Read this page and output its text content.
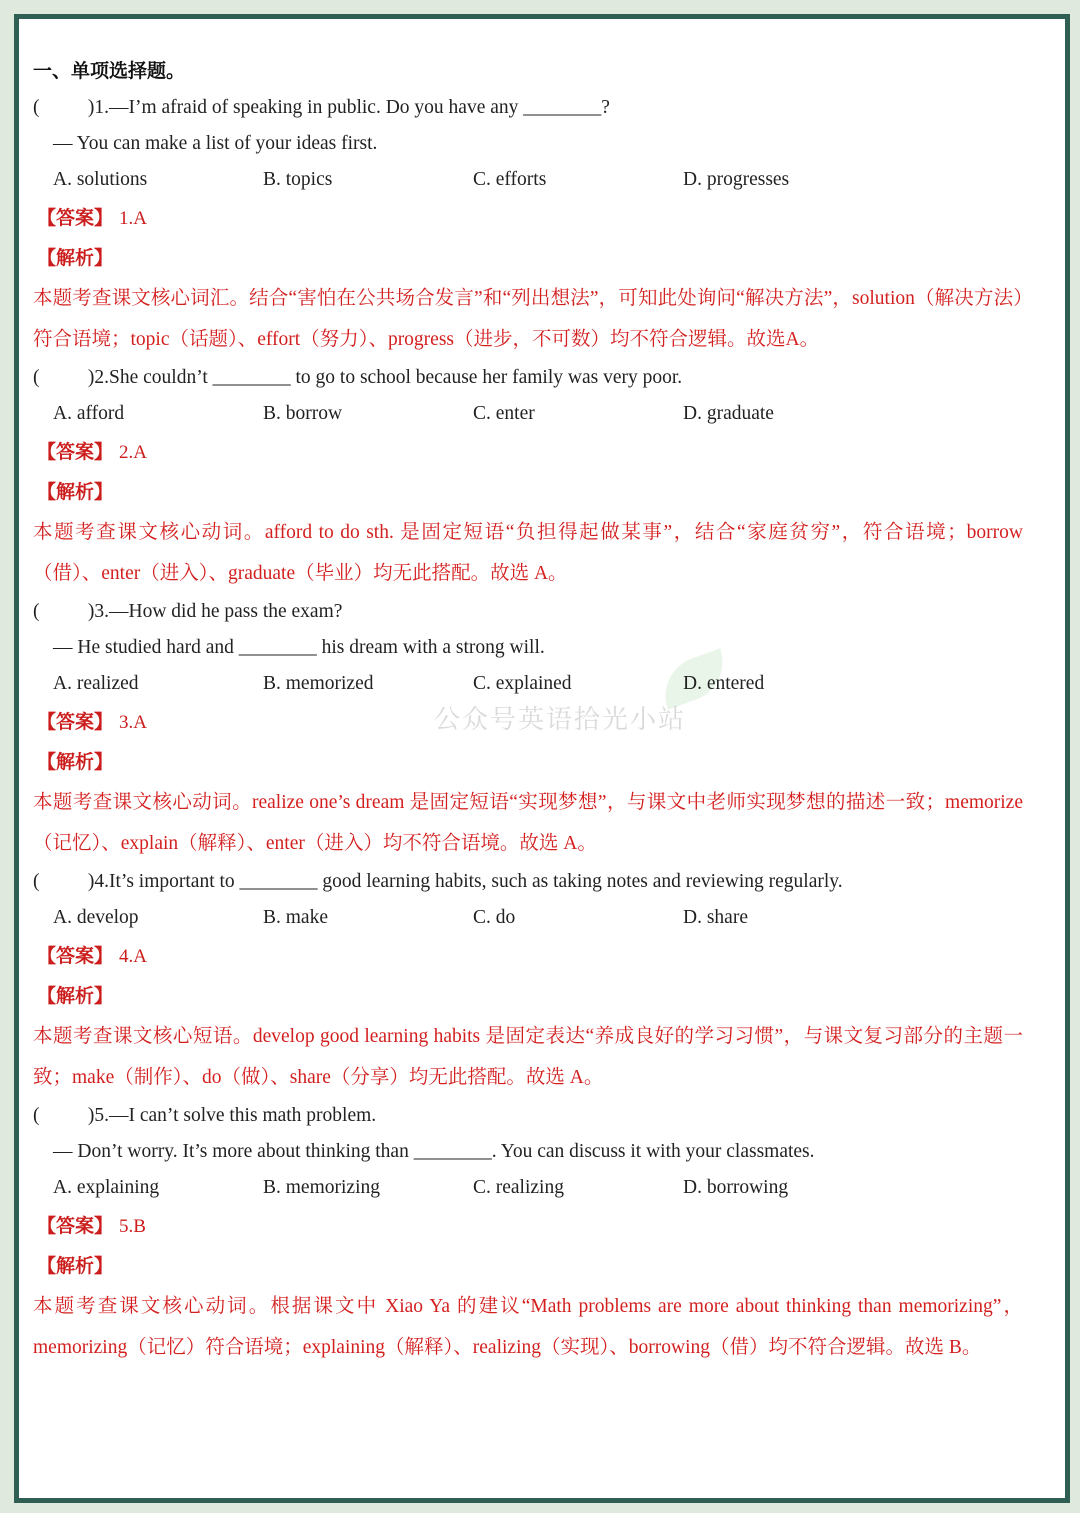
公众号英语拾光小站
一、单项选择题。
( )1.—I’m afraid of speaking in public. Do you have any ________?
— You can make a list of your ideas first.
A. solutions	B. topics	C. efforts	D. progresses
【答案】 1.A
【解析】

本题考查课文核心词汇。结合“害怕在公共场合发言”和“列出想法”，可知此处询问“解决方法”，solution（解决方法）符合语境；topic（话题）、effort（努力）、progress（进步，不可数）均不符合逻辑。故选A。

( )2.She couldn’t ________ to go to school because her family was very poor.
A. afford	B. borrow	C. enter	D. graduate
【答案】 2.A
【解析】

本题考查课文核心动词。afford to do sth. 是固定短语“负担得起做某事”，结合“家庭贫穷”，符合语境；borrow（借）、enter（进入）、graduate（毕业）均无此搭配。故选 A。

( )3.—How did he pass the exam?
— He studied hard and ________ his dream with a strong will.
A. realized	B. memorized	C. explained	D. entered
【答案】 3.A
【解析】

本题考查课文核心动词。realize one’s dream 是固定短语“实现梦想”，与课文中老师实现梦想的描述一致；memorize（记忆）、explain（解释）、enter（进入）均不符合语境。故选 A。

( )4.It’s important to ________ good learning habits, such as taking notes and reviewing regularly.
A. develop	B. make	C. do	D. share
【答案】 4.A
【解析】

本题考查课文核心短语。develop good learning habits 是固定表达“养成良好的学习习惯”，与课文复习部分的主题一致；make（制作）、do（做）、share（分享）均无此搭配。故选 A。

( )5.—I can’t solve this math problem.
— Don’t worry. It’s more about thinking than ________. You can discuss it with your classmates.
A. explaining	B. memorizing	C. realizing	D. borrowing
【答案】 5.B
【解析】

本题考查课文核心动词。根据课文中 Xiao Ya 的建议“Math problems are more about thinking than memorizing”，memorizing（记忆）符合语境；explaining（解释）、realizing（实现）、borrowing（借）均不符合逻辑。故选 B。
